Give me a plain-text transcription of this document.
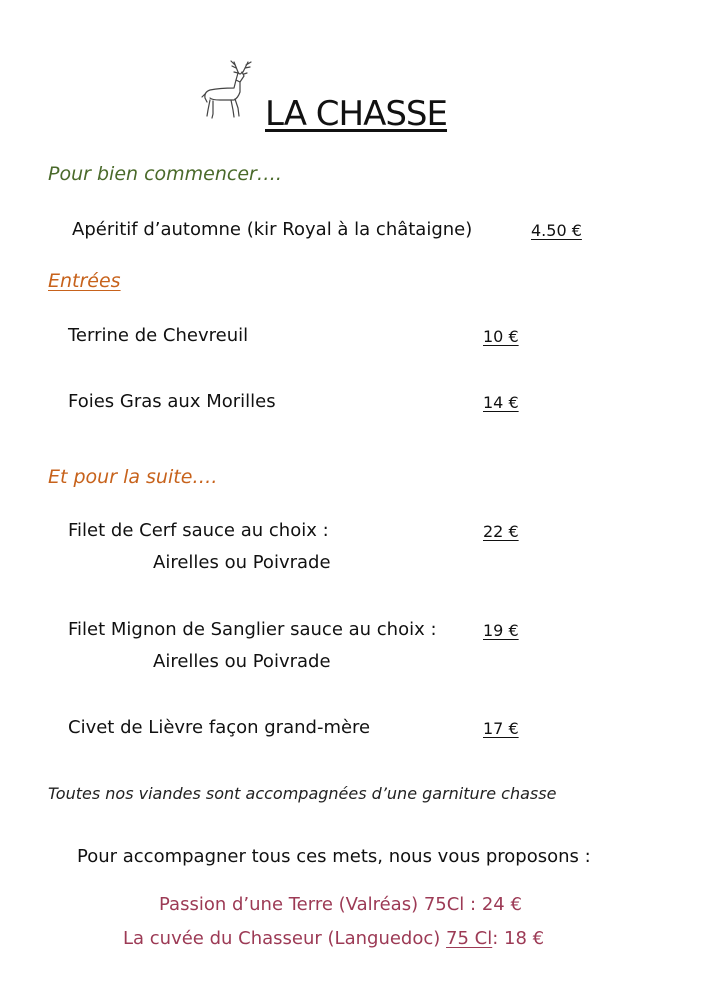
LA CHASSE
Pour bien commencer….
Apéritif d’automne (kir Royal à la châtaigne)	4.50 €
Entrées
Terrine de Chevreuil	10 €
Foies Gras aux Morilles	14 €
Et pour la suite….
Filet de Cerf sauce au choix :	22 €
Airelles ou Poivrade
Filet Mignon de Sanglier sauce au choix :	19 €
Airelles ou Poivrade
Civet de Lièvre façon grand-mère	17 €
Toutes nos viandes sont accompagnées d’une garniture chasse
Pour accompagner tous ces mets, nous vous proposons :
Passion d’une Terre (Valréas) 75Cl : 24 €
La cuvée du Chasseur (Languedoc) 75 Cl: 18 €
